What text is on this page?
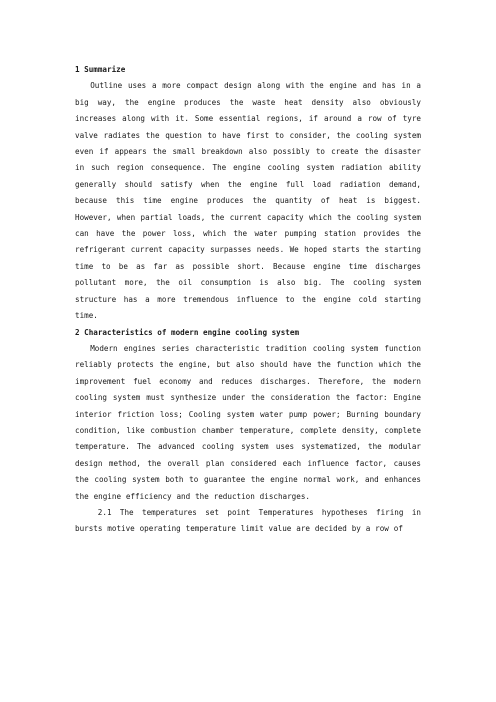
1 Summarize

Outline uses a more compact design along with the engine and has in a big way, the engine produces the waste heat density also obviously increases along with it. Some essential regions, if around a row of tyre valve radiates the question to have first to consider, the cooling system even if appears the small breakdown also possibly to create the disaster in such region consequence. The engine cooling system radiation ability generally should satisfy when the engine full load radiation demand, because this time engine produces the quantity of heat is biggest. However, when partial loads, the current capacity which the cooling system can have the power loss, which the water pumping station provides the refrigerant current capacity surpasses needs. We hoped starts the starting time to be as far as possible short. Because engine time discharges pollutant more, the oil consumption is also big. The cooling system structure has a more tremendous influence to the engine cold starting time.

2 Characteristics of modern engine cooling system

Modern engines series characteristic tradition cooling system function reliably protects the engine, but also should have the function which the improvement fuel economy and reduces discharges. Therefore, the modern cooling system must synthesize under the consideration the factor: Engine interior friction loss; Cooling system water pump power; Burning boundary condition, like combustion chamber temperature, complete density, complete temperature. The advanced cooling system uses systematized, the modular design method, the overall plan considered each influence factor, causes the cooling system both to guarantee the engine normal work, and enhances the engine efficiency and the reduction discharges.

2.1 The temperatures set point Temperatures hypotheses firing in bursts motive operating temperature limit value are decided by a row of
